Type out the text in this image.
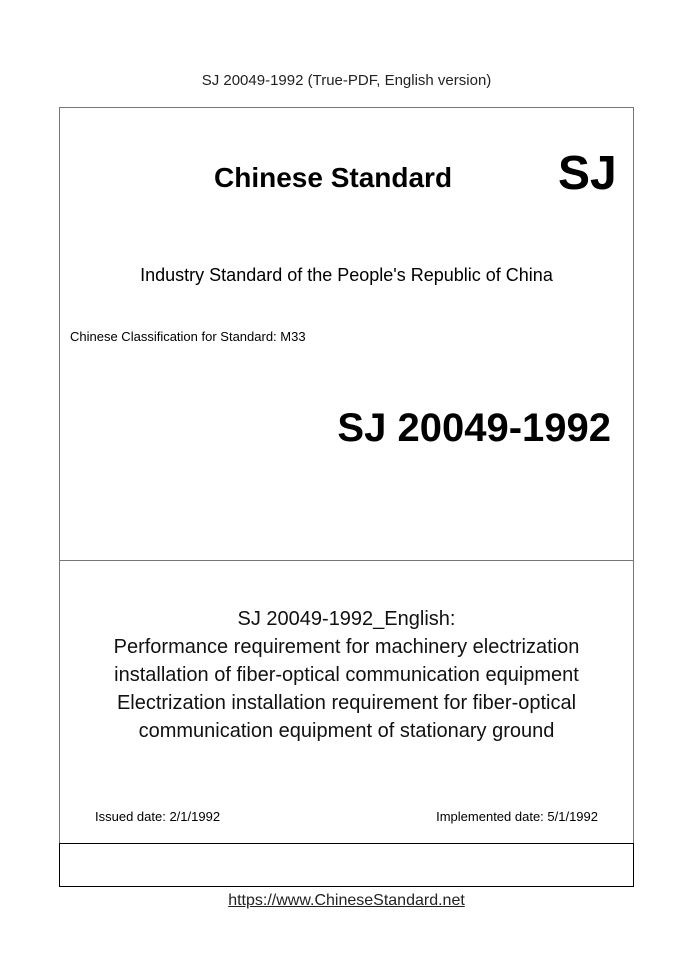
SJ 20049-1992 (True-PDF, English version)
Chinese Standard SJ
Industry Standard of the People's Republic of China
Chinese Classification for Standard: M33
SJ 20049-1992
SJ 20049-1992_English:
Performance requirement for machinery electrization
installation of fiber-optical communication equipment
Electrization installation requirement for fiber-optical
communication equipment of stationary ground
Issued date: 2/1/1992	Implemented date: 5/1/1992
https://www.ChineseStandard.net
